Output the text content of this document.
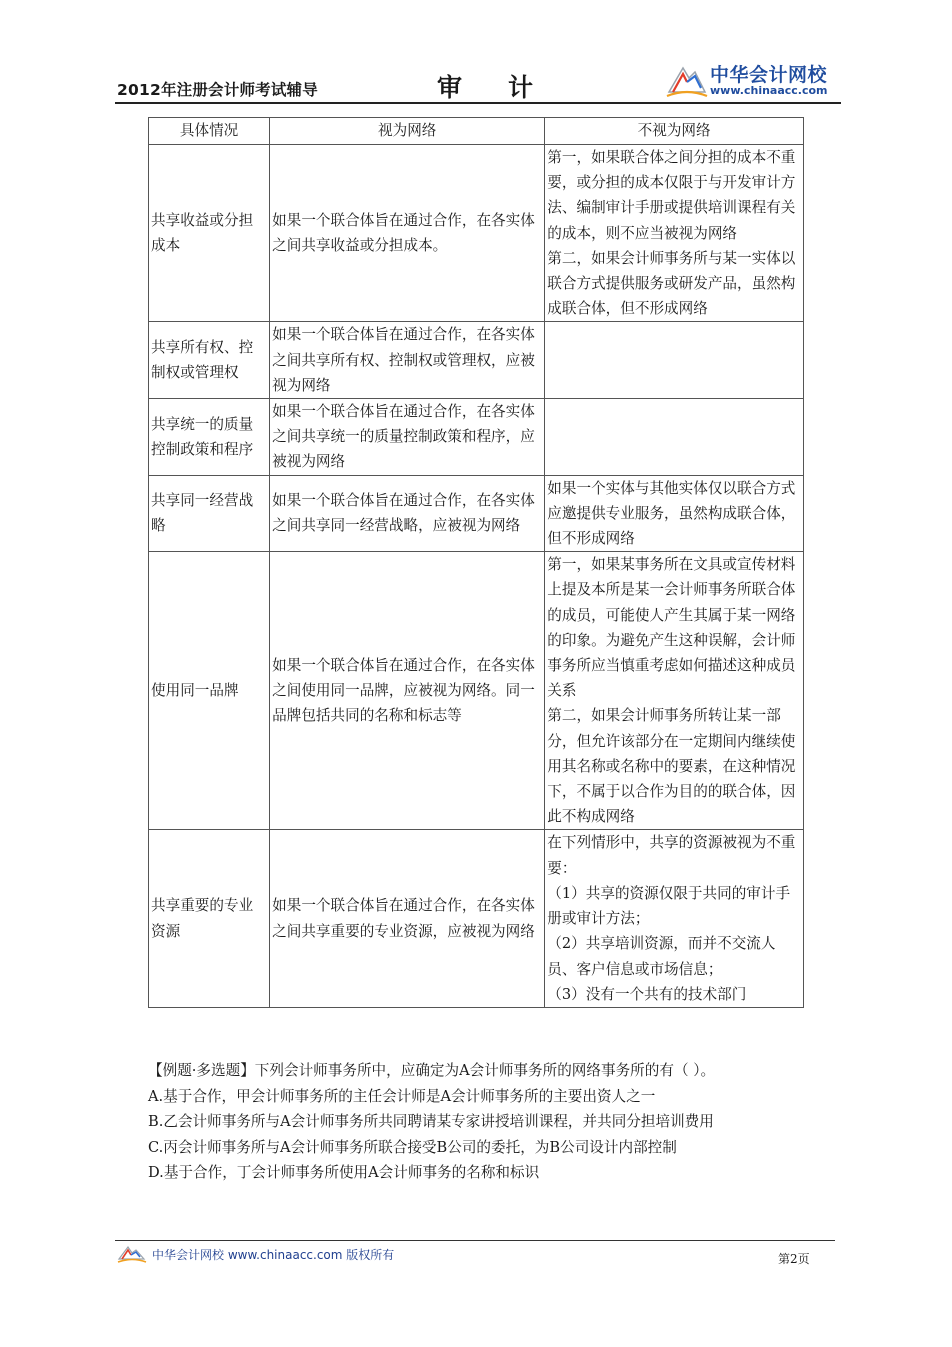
2012年注册会计师考试辅导	审计	中华会计网校
www.chinaacc.com
具体情况	视为网络	不视为网络
共享收益或分担成本	如果一个联合体旨在通过合作，在各实体之间共享收益或分担成本。	第一，如果联合体之间分担的成本不重要，或分担的成本仅限于与开发审计方法、编制审计手册或提供培训课程有关的成本，则不应当被视为网络
第二，如果会计师事务所与某一实体以联合方式提供服务或研发产品，虽然构成联合体，但不形成网络
共享所有权、控制权或管理权	如果一个联合体旨在通过合作，在各实体之间共享所有权、控制权或管理权，应被视为网络	
共享统一的质量控制政策和程序	如果一个联合体旨在通过合作，在各实体之间共享统一的质量控制政策和程序，应被视为网络	
共享同一经营战略	如果一个联合体旨在通过合作，在各实体之间共享同一经营战略，应被视为网络	如果一个实体与其他实体仅以联合方式应邀提供专业服务，虽然构成联合体，但不形成网络
使用同一品牌	如果一个联合体旨在通过合作，在各实体之间使用同一品牌，应被视为网络。同一品牌包括共同的名称和标志等	第一，如果某事务所在文具或宣传材料上提及本所是某一会计师事务所联合体的成员，可能使人产生其属于某一网络的印象。为避免产生这种误解，会计师事务所应当慎重考虑如何描述这种成员关系
第二，如果会计师事务所转让某一部分，但允许该部分在一定期间内继续使用其名称或名称中的要素，在这种情况下，不属于以合作为目的的联合体，因此不构成网络
共享重要的专业资源	如果一个联合体旨在通过合作，在各实体之间共享重要的专业资源，应被视为网络	在下列情形中，共享的资源被视为不重要：
（1）共享的资源仅限于共同的审计手册或审计方法；
（2）共享培训资源，而并不交流人员、客户信息或市场信息；
（3）没有一个共有的技术部门

【例题·多选题】下列会计师事务所中，应确定为A会计师事务所的网络事务所的有（ ）。

A.基于合作，甲会计师事务所的主任会计师是A会计师事务所的主要出资人之一

B.乙会计师事务所与A会计师事务所共同聘请某专家讲授培训课程，并共同分担培训费用

C.丙会计师事务所与A会计师事务所联合接受B公司的委托，为B公司设计内部控制

D.基于合作，丁会计师事务所使用A会计师事务的名称和标识

中华会计网校 www.chinaacc.com 版权所有	第2页
